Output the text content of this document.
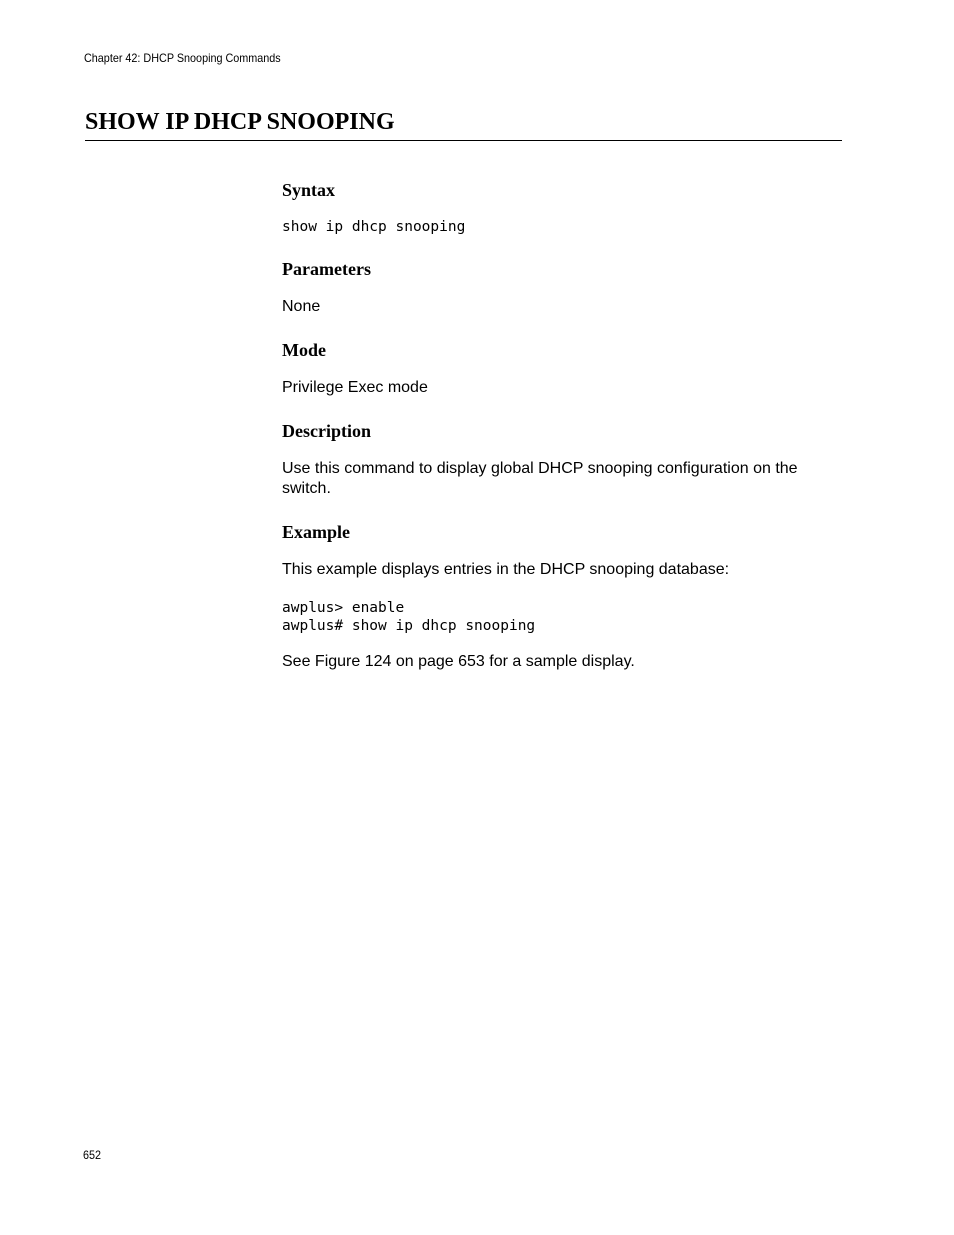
Chapter 42: DHCP Snooping Commands
SHOW IP DHCP SNOOPING
Syntax
show ip dhcp snooping
Parameters

None

Mode

Privilege Exec mode

Description

Use this command to display global DHCP snooping configuration on the switch.

Example

This example displays entries in the DHCP snooping database:

awplus> enable
awplus# show ip dhcp snooping

See Figure 124 on page 653 for a sample display.

652
